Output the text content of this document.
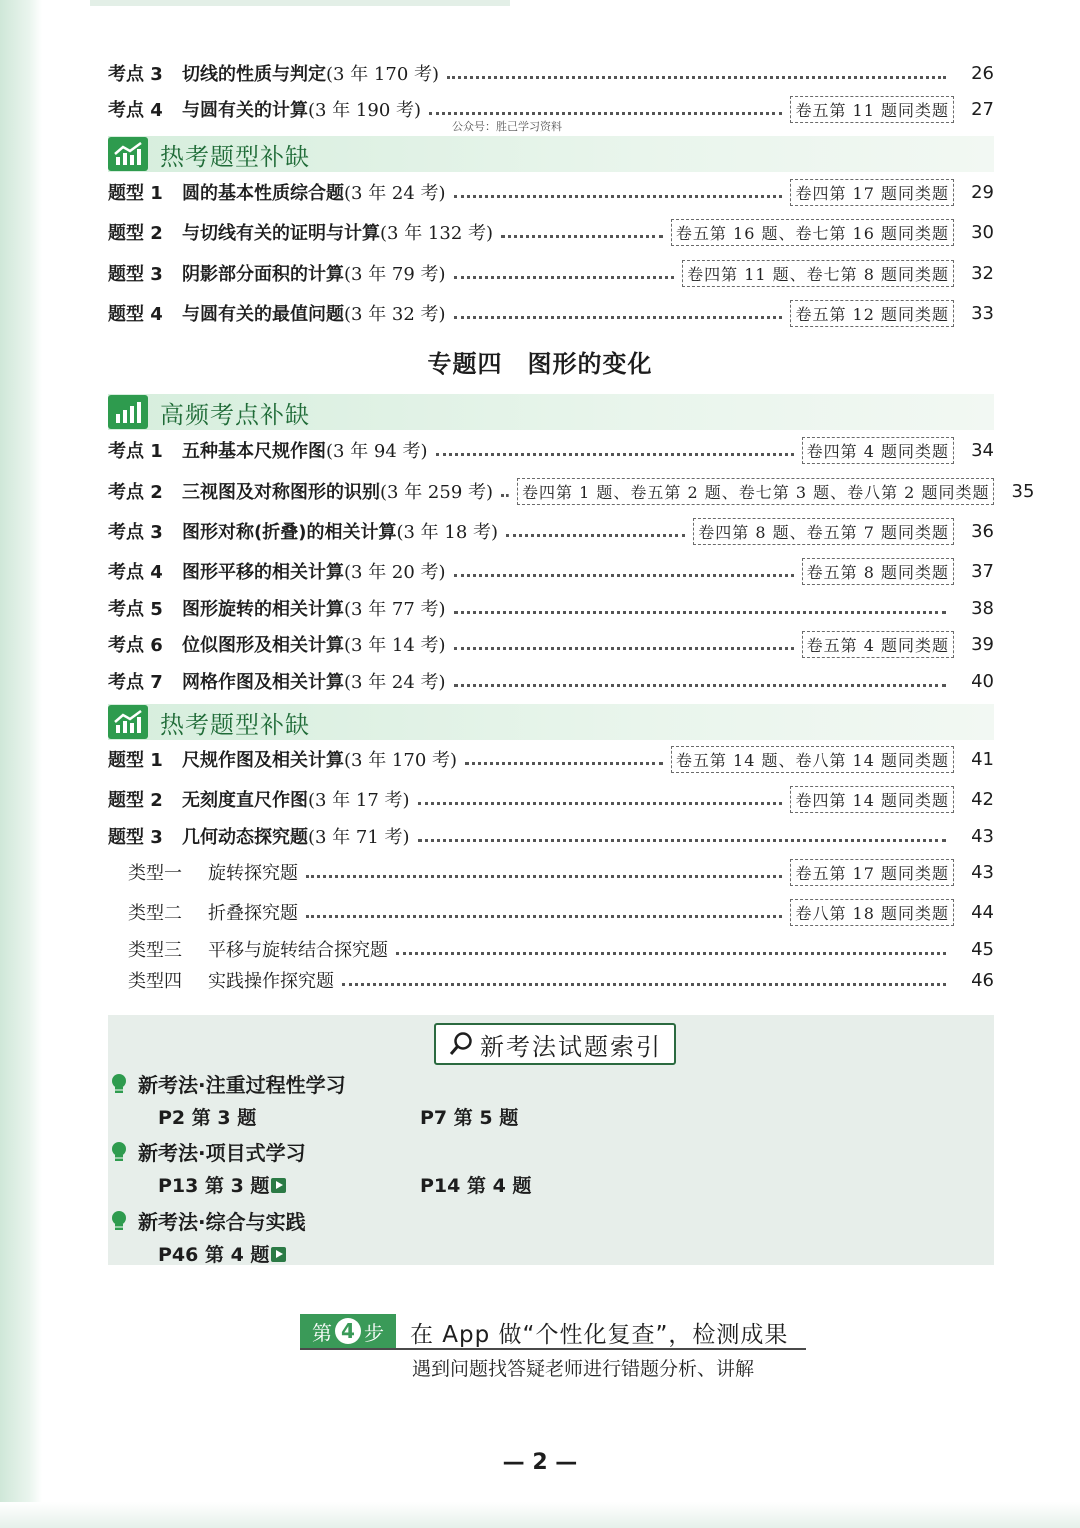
考点 3	切线的性质与判定 (3 年 170 考)	26
考点 4	与圆有关的计算 (3 年 190 考)	卷五第 11 题同类题	27
公众号：胜己学习资料
热考题型补缺
题型 1	圆的基本性质综合题 (3 年 24 考)	卷四第 17 题同类题	29
题型 2	与切线有关的证明与计算 (3 年 132 考)	卷五第 16 题、卷七第 16 题同类题	30
题型 3	阴影部分面积的计算 (3 年 79 考)	卷四第 11 题、卷七第 8 题同类题	32
题型 4	与圆有关的最值问题 (3 年 32 考)	卷五第 12 题同类题	33
专题四　图形的变化
高频考点补缺
考点 1	五种基本尺规作图 (3 年 94 考)	卷四第 4 题同类题	34
考点 2	三视图及对称图形的识别 (3 年 259 考)	卷四第 1 题、卷五第 2 题、卷七第 3 题、卷八第 2 题同类题	35
考点 3	图形对称(折叠)的相关计算 (3 年 18 考)	卷四第 8 题、卷五第 7 题同类题	36
考点 4	图形平移的相关计算 (3 年 20 考)	卷五第 8 题同类题	37
考点 5	图形旋转的相关计算 (3 年 77 考)	38
考点 6	位似图形及相关计算 (3 年 14 考)	卷五第 4 题同类题	39
考点 7	网格作图及相关计算 (3 年 24 考)	40
热考题型补缺
题型 1	尺规作图及相关计算 (3 年 170 考)	卷五第 14 题、卷八第 14 题同类题	41
题型 2	无刻度直尺作图 (3 年 17 考)	卷四第 14 题同类题	42
题型 3	几何动态探究题 (3 年 71 考)	43
类型一	旋转探究题	卷五第 17 题同类题	43
类型二	折叠探究题	卷八第 18 题同类题	44
类型三	平移与旋转结合探究题	45
类型四	实践操作探究题	46
新考法试题索引
新考法·注重过程性学习
P2 第 3 题	P7 第 5 题
新考法·项目式学习
P13 第 3 题	P14 第 4 题
新考法·综合与实践
P46 第 4 题
第 4 步 在 App 做“个性化复查”，检测成果
遇到问题找答疑老师进行错题分析、讲解
— 2 —
